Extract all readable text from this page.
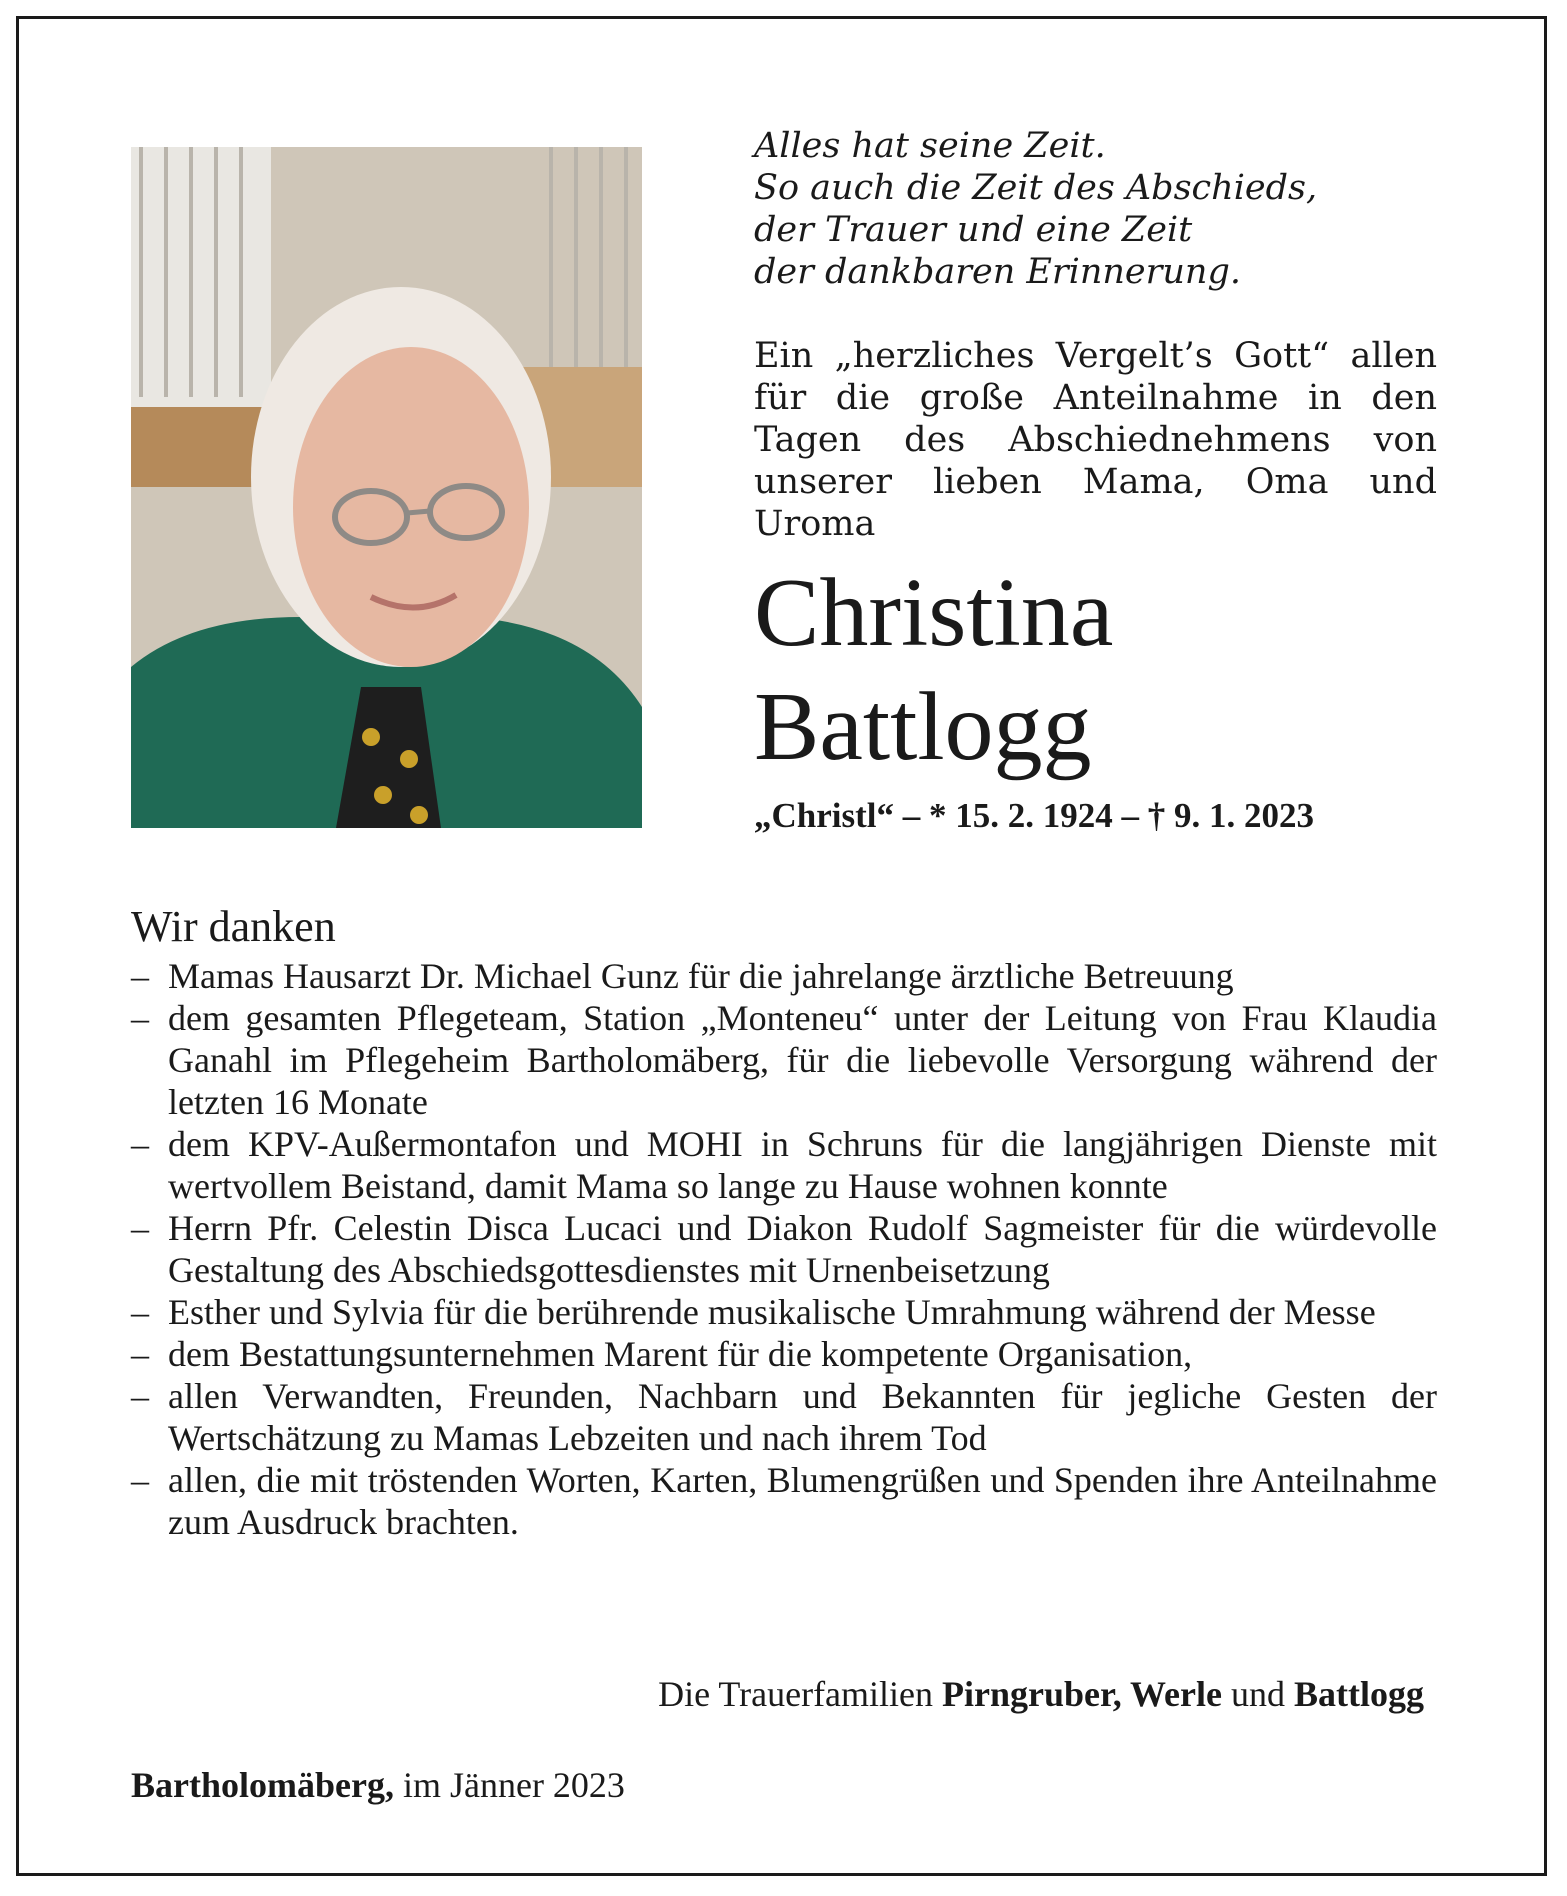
Alles hat seine Zeit.
So auch die Zeit des Abschieds,
der Trauer und eine Zeit
der dankbaren Erinnerung.
Ein „herzliches Vergelt’s Gott“ allen für die große Anteilnahme in den Tagen des Abschiednehmens von unserer lieben Mama, Oma und Uroma
Christina
Battlogg
„Christl“ – * 15. 2. 1924 – † 9. 1. 2023
Wir danken
– Mamas Hausarzt Dr. Michael Gunz für die jahrelange ärztliche Betreuung
– dem gesamten Pflegeteam, Station „Monteneu“ unter der Leitung von Frau Klaudia Ganahl im Pflegeheim Bartholomäberg, für die liebevolle Versorgung während der letzten 16 Monate
– dem KPV-Außermontafon und MOHI in Schruns für die langjährigen Dienste mit wertvollem Beistand, damit Mama so lange zu Hause wohnen konnte
– Herrn Pfr. Celestin Disca Lucaci und Diakon Rudolf Sagmeister für die würdevolle Gestaltung des Abschiedsgottesdienstes mit Urnenbeisetzung
– Esther und Sylvia für die berührende musikalische Umrahmung während der Messe
– dem Bestattungsunternehmen Marent für die kompetente Organisation,
– allen Verwandten, Freunden, Nachbarn und Bekannten für jegliche Gesten der Wertschätzung zu Mamas Lebzeiten und nach ihrem Tod
– allen, die mit tröstenden Worten, Karten, Blumengrüßen und Spenden ihre Anteilnahme zum Ausdruck brachten.
Die Trauerfamilien Pirngruber, Werle und Battlogg
Bartholomäberg, im Jänner 2023
